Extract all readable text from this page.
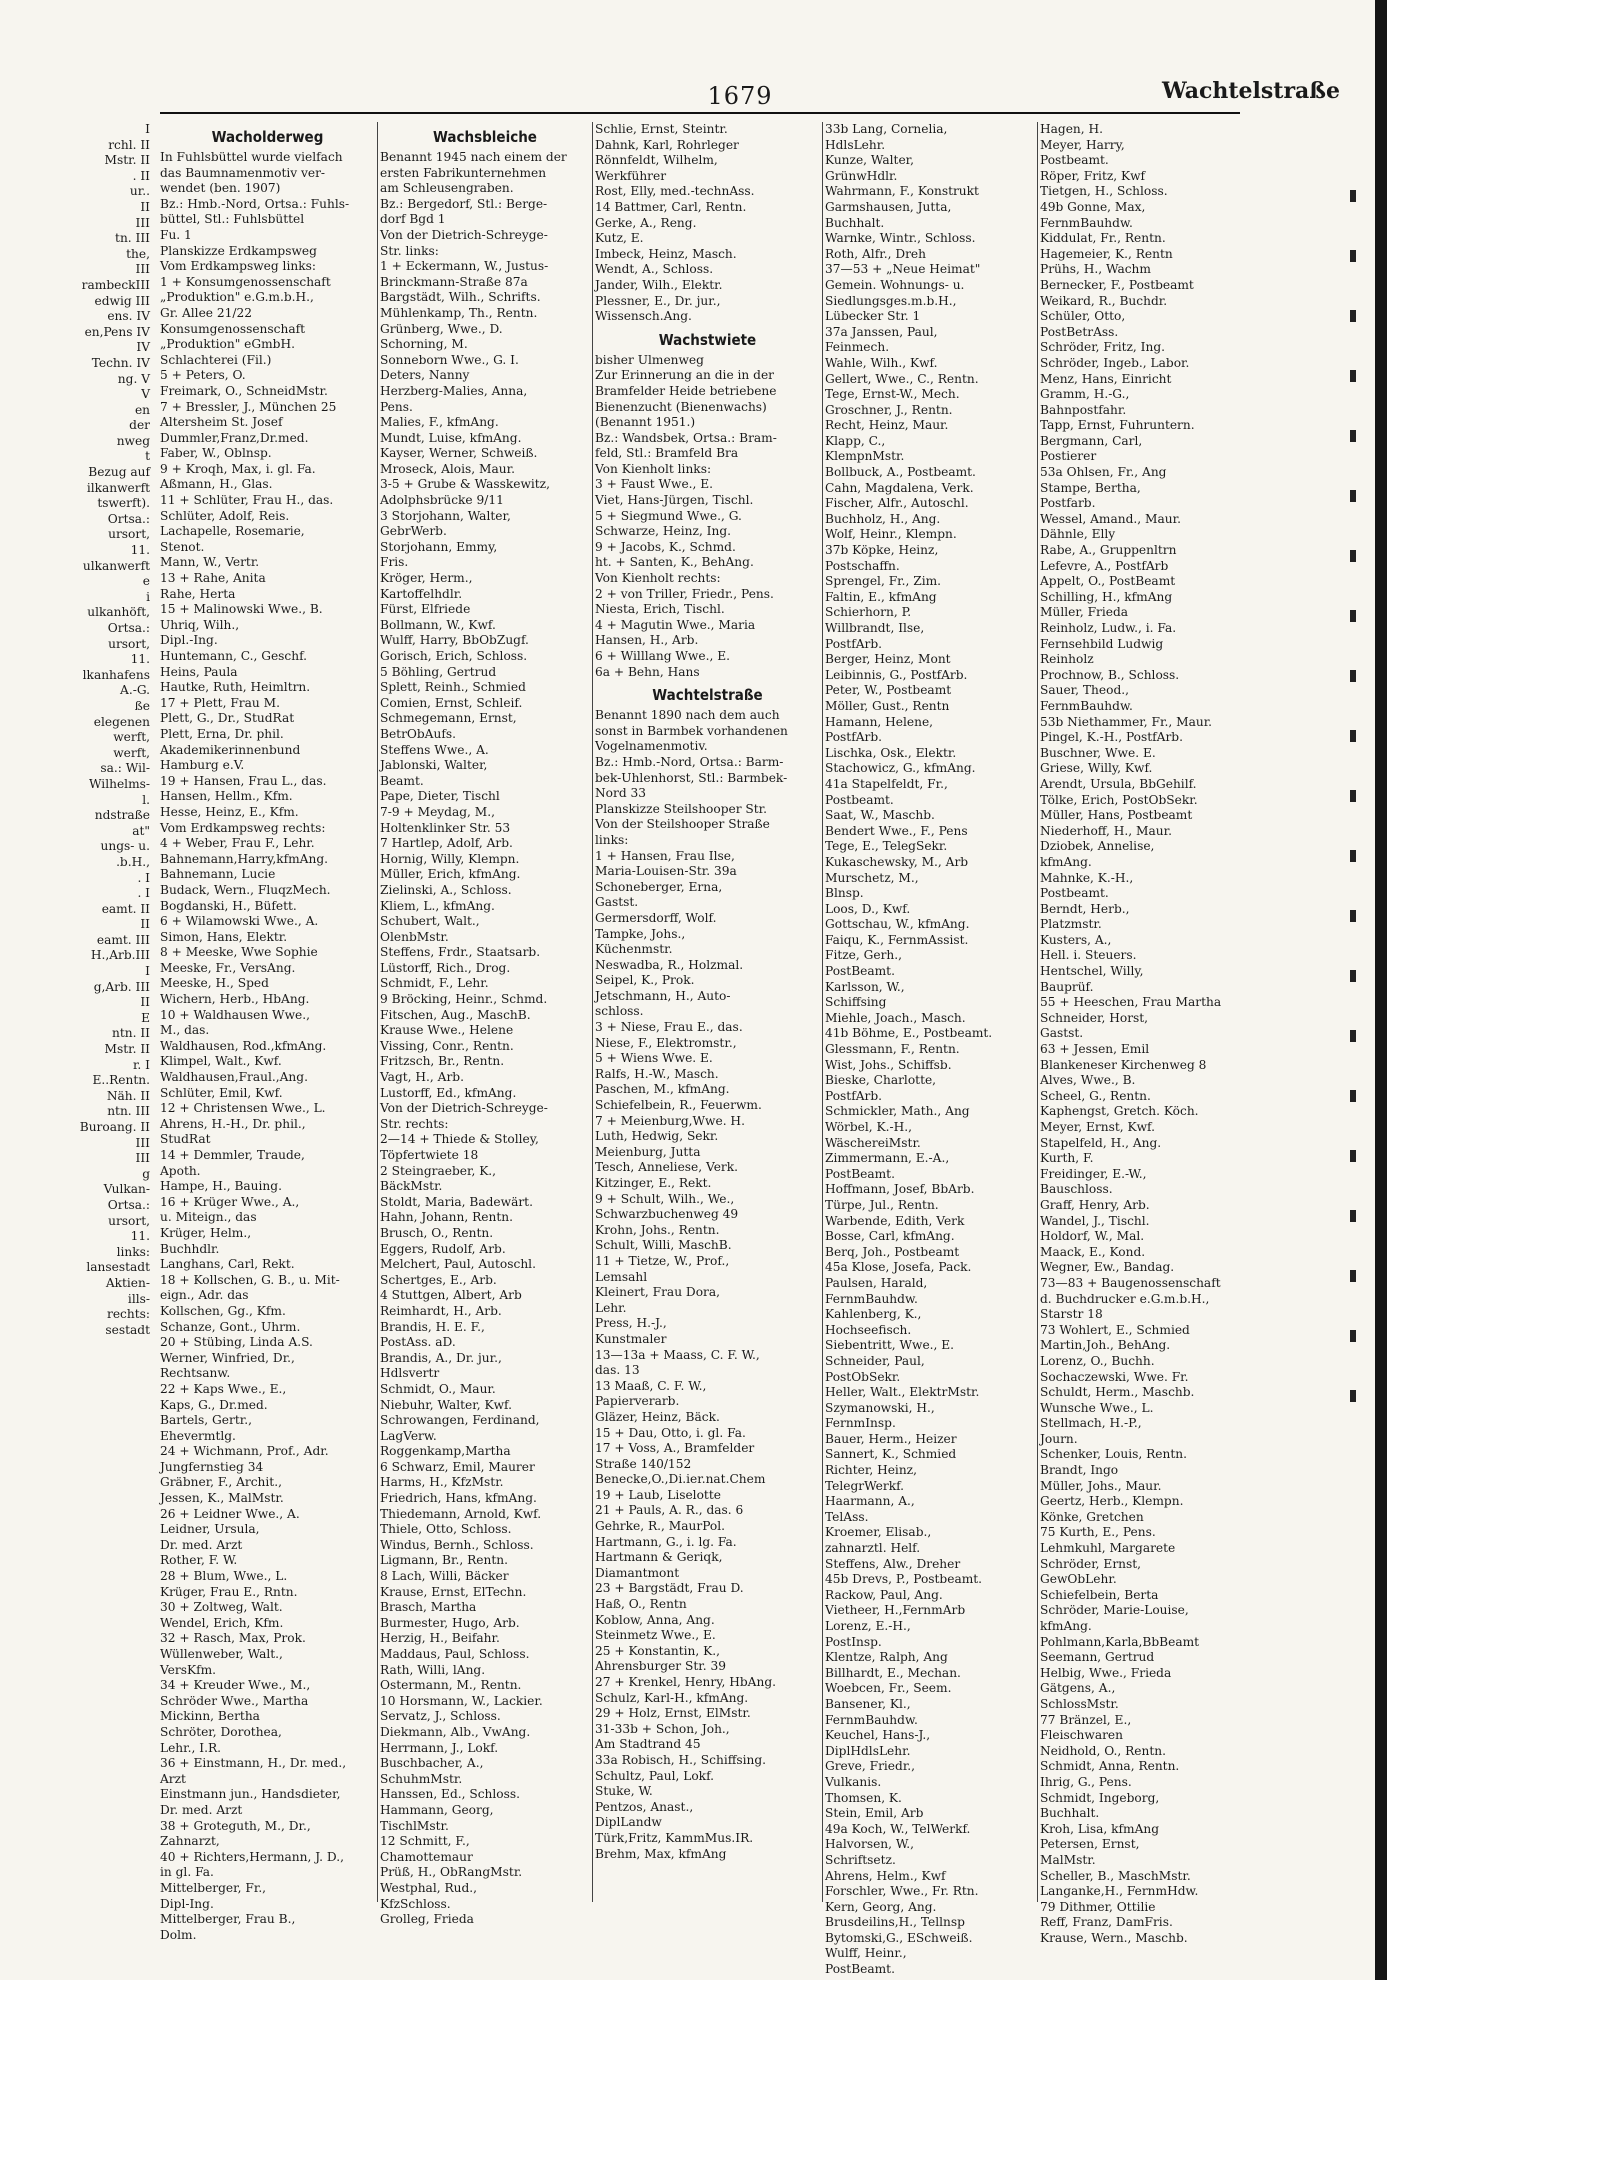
1679	Wachtelstraße
I
rchl. II
Mstr. II
. II
ur..
II
III
tn. III
the,
III
rambeckIII
edwig III
ens. IV
en,Pens IV
IV
Techn. IV
ng. V
V
en
der
nweg
t
Bezug auf
ilkanwerft
tswerft).
Ortsa.:
ursort,
11.
ulkanwerft
e
i
ulkanhöft,
Ortsa.:
ursort,
11.
lkanhafens
A.-G.
ße
elegenen
werft,
werft,
sa.: Wil-
Wilhelms-
l.
ndstraße
at"
ungs- u.
.b.H.,
. I
. I
eamt. II
II
eamt. III
H.,Arb.III
I
g,Arb. III
II
E
ntn. II
Mstr. II
r. I
E..Rentn.
Näh. II
ntn. III
Buroang. II
III
III
g
Vulkan-
Ortsa.:
ursort,
11.
links:
lansestadt
Aktien-
ills-
rechts:
sestadt
Wacholderweg
In Fuhlsbüttel wurde vielfach
das Baumnamenmotiv ver-
wendet (ben. 1907)
Bz.: Hmb.-Nord, Ortsa.: Fuhls-
büttel, Stl.: Fuhlsbüttel
Fu. 1
Planskizze Erdkampsweg
Vom Erdkampsweg links:
1 + Konsumgenossenschaft
„Produktion" e.G.m.b.H.,
Gr. Allee 21/22
Konsumgenossenschaft
„Produktion" eGmbH.
Schlachterei (Fil.)
5 + Peters, O.
Freimark, O., SchneidMstr.
7 + Bressler, J., München 25
Altersheim St. Josef
Dummler,Franz,Dr.med.
Faber, W., Oblnsp.
9 + Kroqh, Max, i. gl. Fa.
Aßmann, H., Glas.
11 + Schlüter, Frau H., das.
Schlüter, Adolf, Reis.
Lachapelle, Rosemarie,
Stenot.
Mann, W., Vertr.
13 + Rahe, Anita
Rahe, Herta
15 + Malinowski Wwe., B.
Uhriq, Wilh.,
Dipl.-Ing.
Huntemann, C., Geschf.
Heins, Paula
Hautke, Ruth, Heimltrn.
17 + Plett, Frau M.
Plett, G., Dr., StudRat
Plett, Erna, Dr. phil.
Akademikerinnenbund
Hamburg e.V.
19 + Hansen, Frau L., das.
Hansen, Hellm., Kfm.
Hesse, Heinz, E., Kfm.
Vom Erdkampsweg rechts:
4 + Weber, Frau F., Lehr.
Bahnemann,Harry,kfmAng.
Bahnemann, Lucie
Budack, Wern., FluqzMech.
Bogdanski, H., Büfett.
6 + Wilamowski Wwe., A.
Simon, Hans, Elektr.
8 + Meeske, Wwe Sophie
Meeske, Fr., VersAng.
Meeske, H., Sped
Wichern, Herb., HbAng.
10 + Waldhausen Wwe.,
M., das.
Waldhausen, Rod.,kfmAng.
Klimpel, Walt., Kwf.
Waldhausen,Fraul.,Ang.
Schlüter, Emil, Kwf.
12 + Christensen Wwe., L.
Ahrens, H.-H., Dr. phil.,
StudRat
14 + Demmler, Traude,
Apoth.
Hampe, H., Bauing.
16 + Krüger Wwe., A.,
u. Miteign., das
Krüger, Helm.,
Buchhdlr.
Langhans, Carl, Rekt.
18 + Kollschen, G. B., u. Mit-
eign., Adr. das
Kollschen, Gg., Kfm.
Schanze, Gont., Uhrm.
20 + Stübing, Linda A.S.
Werner, Winfried, Dr.,
Rechtsanw.
22 + Kaps Wwe., E.,
Kaps, G., Dr.med.
Bartels, Gertr.,
Ehevermtlg.
24 + Wichmann, Prof., Adr.
Jungfernstieg 34
Gräbner, F., Archit.,
Jessen, K., MalMstr.
26 + Leidner Wwe., A.
Leidner, Ursula,
Dr. med. Arzt
Rother, F. W.
28 + Blum, Wwe., L.
Krüger, Frau E., Rntn.
30 + Zoltweg, Walt.
Wendel, Erich, Kfm.
32 + Rasch, Max, Prok.
Wüllenweber, Walt.,
VersKfm.
34 + Kreuder Wwe., M.,
Schröder Wwe., Martha
Mickinn, Bertha
Schröter, Dorothea,
Lehr., I.R.
36 + Einstmann, H., Dr. med.,
Arzt
Einstmann jun., Handsdieter,
Dr. med. Arzt
38 + Groteguth, M., Dr.,
Zahnarzt,
40 + Richters,Hermann, J. D.,
in gl. Fa.
Mittelberger, Fr.,
Dipl-Ing.
Mittelberger, Frau B.,
Dolm.
Wachsbleiche
Benannt 1945 nach einem der
ersten Fabrikunternehmen
am Schleusengraben.
Bz.: Bergedorf, Stl.: Berge-
dorf Bgd 1
Von der Dietrich-Schreyge-
Str. links:
1 + Eckermann, W., Justus-
Brinckmann-Straße 87a
Bargstädt, Wilh., Schrifts.
Mühlenkamp, Th., Rentn.
Grünberg, Wwe., D.
Schorning, M.
Sonneborn Wwe., G. I.
Deters, Nanny
Herzberg-Malies, Anna,
Pens.
Malies, F., kfmAng.
Mundt, Luise, kfmAng.
Kayser, Werner, Schweiß.
Mroseck, Alois, Maur.
3-5 + Grube & Wasskewitz,
Adolphsbrücke 9/11
3 Storjohann, Walter,
GebrWerb.
Storjohann, Emmy,
Fris.
Kröger, Herm.,
Kartoffelhdlr.
Fürst, Elfriede
Bollmann, W., Kwf.
Wulff, Harry, BbObZugf.
Gorisch, Erich, Schloss.
5 Böhling, Gertrud
Splett, Reinh., Schmied
Comien, Ernst, Schleif.
Schmegemann, Ernst,
BetrObAufs.
Steffens Wwe., A.
Jablonski, Walter,
Beamt.
Pape, Dieter, Tischl
7-9 + Meydag, M.,
Holtenklinker Str. 53
7 Hartlep, Adolf, Arb.
Hornig, Willy, Klempn.
Müller, Erich, kfmAng.
Zielinski, A., Schloss.
Kliem, L., kfmAng.
Schubert, Walt.,
OlenbMstr.
Steffens, Frdr., Staatsarb.
Lüstorff, Rich., Drog.
Schmidt, F., Lehr.
9 Bröcking, Heinr., Schmd.
Fitschen, Aug., MaschB.
Krause Wwe., Helene
Vissing, Conr., Rentn.
Fritzsch, Br., Rentn.
Vagt, H., Arb.
Lustorff, Ed., kfmAng.
Von der Dietrich-Schreyge-
Str. rechts:
2—14 + Thiede & Stolley,
Töpfertwiete 18
2 Steingraeber, K.,
BäckMstr.
Stoldt, Maria, Badewärt.
Hahn, Johann, Rentn.
Brusch, O., Rentn.
Eggers, Rudolf, Arb.
Melchert, Paul, Autoschl.
Schertges, E., Arb.
4 Stuttgen, Albert, Arb
Reimhardt, H., Arb.
Brandis, H. E. F.,
PostAss. aD.
Brandis, A., Dr. jur.,
Hdlsvertr
Schmidt, O., Maur.
Niebuhr, Walter, Kwf.
Schrowangen, Ferdinand,
LagVerw.
Roggenkamp,Martha
6 Schwarz, Emil, Maurer
Harms, H., KfzMstr.
Friedrich, Hans, kfmAng.
Thiedemann, Arnold, Kwf.
Thiele, Otto, Schloss.
Windus, Bernh., Schloss.
Ligmann, Br., Rentn.
8 Lach, Willi, Bäcker
Krause, Ernst, ElTechn.
Brasch, Martha
Burmester, Hugo, Arb.
Herzig, H., Beifahr.
Maddaus, Paul, Schloss.
Rath, Willi, lAng.
Ostermann, M., Rentn.
10 Horsmann, W., Lackier.
Servatz, J., Schloss.
Diekmann, Alb., VwAng.
Herrmann, J., Lokf.
Buschbacher, A.,
SchuhmMstr.
Hanssen, Ed., Schloss.
Hammann, Georg,
TischlMstr.
12 Schmitt, F.,
Chamottemaur
Prüß, H., ObRangMstr.
Westphal, Rud.,
KfzSchloss.
Grolleg, Frieda
Schlie, Ernst, Steintr.
Dahnk, Karl, Rohrleger
Rönnfeldt, Wilhelm,
Werkführer
Rost, Elly, med.-technAss.
14 Battmer, Carl, Rentn.
Gerke, A., Reng.
Kutz, E.
Imbeck, Heinz, Masch.
Wendt, A., Schloss.
Jander, Wilh., Elektr.
Plessner, E., Dr. jur.,
Wissensch.Ang.
Wachstwiete
bisher Ulmenweg
Zur Erinnerung an die in der
Bramfelder Heide betriebene
Bienenzucht (Bienenwachs)
(Benannt 1951.)
Bz.: Wandsbek, Ortsa.: Bram-
feld, Stl.: Bramfeld Bra
Von Kienholt links:
3 + Faust Wwe., E.
Viet, Hans-Jürgen, Tischl.
5 + Siegmund Wwe., G.
Schwarze, Heinz, Ing.
9 + Jacobs, K., Schmd.
ht. + Santen, K., BehAng.
Von Kienholt rechts:
2 + von Triller, Friedr., Pens.
Niesta, Erich, Tischl.
4 + Magutin Wwe., Maria
Hansen, H., Arb.
6 + Willlang Wwe., E.
6a + Behn, Hans
Wachtelstraße
Benannt 1890 nach dem auch
sonst in Barmbek vorhandenen
Vogelnamenmotiv.
Bz.: Hmb.-Nord, Ortsa.: Barm-
bek-Uhlenhorst, Stl.: Barmbek-
Nord 33
Planskizze Steilshooper Str.
Von der Steilshooper Straße
links:
1 + Hansen, Frau Ilse,
Maria-Louisen-Str. 39a
Schoneberger, Erna,
Gastst.
Germersdorff, Wolf.
Tampke, Johs.,
Küchenmstr.
Neswadba, R., Holzmal.
Seipel, K., Prok.
Jetschmann, H., Auto-
schloss.
3 + Niese, Frau E., das.
Niese, F., Elektromstr.,
5 + Wiens Wwe. E.
Ralfs, H.-W., Masch.
Paschen, M., kfmAng.
Schiefelbein, R., Feuerwm.
7 + Meienburg,Wwe. H.
Luth, Hedwig, Sekr.
Meienburg, Jutta
Tesch, Anneliese, Verk.
Kitzinger, E., Rekt.
9 + Schult, Wilh., We.,
Schwarzbuchenweg 49
Krohn, Johs., Rentn.
Schult, Willi, MaschB.
11 + Tietze, W., Prof.,
Lemsahl
Kleinert, Frau Dora,
Lehr.
Press, H.-J.,
Kunstmaler
13—13a + Maass, C. F. W.,
das. 13
13 Maaß, C. F. W.,
Papierverarb.
Gläzer, Heinz, Bäck.
15 + Dau, Otto, i. gl. Fa.
17 + Voss, A., Bramfelder
Straße 140/152
Benecke,O.,Di.ier.nat.Chem
19 + Laub, Liselotte
21 + Pauls, A. R., das. 6
Gehrke, R., MaurPol.
Hartmann, G., i. lg. Fa.
Hartmann & Geriqk,
Diamantmont
23 + Bargstädt, Frau D.
Haß, O., Rentn
Koblow, Anna, Ang.
Steinmetz Wwe., E.
25 + Konstantin, K.,
Ahrensburger Str. 39
27 + Krenkel, Henry, HbAng.
Schulz, Karl-H., kfmAng.
29 + Holz, Ernst, ElMstr.
31-33b + Schon, Joh.,
Am Stadtrand 45
33a Robisch, H., Schiffsing.
Schultz, Paul, Lokf.
Stuke, W.
Pentzos, Anast.,
DiplLandw
Türk,Fritz, KammMus.IR.
Brehm, Max, kfmAng
33b Lang, Cornelia,
HdlsLehr.
Kunze, Walter,
GrünwHdlr.
Wahrmann, F., Konstrukt
Garmshausen, Jutta,
Buchhalt.
Warnke, Wintr., Schloss.
Roth, Alfr., Dreh
37—53 + „Neue Heimat"
Gemein. Wohnungs- u.
Siedlungsges.m.b.H.,
Lübecker Str. 1
37a Janssen, Paul,
Feinmech.
Wahle, Wilh., Kwf.
Gellert, Wwe., C., Rentn.
Tege, Ernst-W., Mech.
Groschner, J., Rentn.
Recht, Heinz, Maur.
Klapp, C.,
KlempnMstr.
Bollbuck, A., Postbeamt.
Cahn, Magdalena, Verk.
Fischer, Alfr., Autoschl.
Buchholz, H., Ang.
Wolf, Heinr., Klempn.
37b Köpke, Heinz,
Postschaffn.
Sprengel, Fr., Zim.
Faltin, E., kfmAng
Schierhorn, P.
Willbrandt, Ilse,
PostfArb.
Berger, Heinz, Mont
Leibinnis, G., PostfArb.
Peter, W., Postbeamt
Möller, Gust., Rentn
Hamann, Helene,
PostfArb.
Lischka, Osk., Elektr.
Stachowicz, G., kfmAng.
41a Stapelfeldt, Fr.,
Postbeamt.
Saat, W., Maschb.
Bendert Wwe., F., Pens
Tege, E., TelegSekr.
Kukaschewsky, M., Arb
Murschetz, M.,
Blnsp.
Loos, D., Kwf.
Gottschau, W., kfmAng.
Faiqu, K., FernmAssist.
Fitze, Gerh.,
PostBeamt.
Karlsson, W.,
Schiffsing
Miehle, Joach., Masch.
41b Böhme, E., Postbeamt.
Glessmann, F., Rentn.
Wist, Johs., Schiffsb.
Bieske, Charlotte,
PostfArb.
Schmickler, Math., Ang
Wörbel, K.-H.,
WäschereiMstr.
Zimmermann, E.-A.,
PostBeamt.
Hoffmann, Josef, BbArb.
Türpe, Jul., Rentn.
Warbende, Edith, Verk
Bosse, Carl, kfmAng.
Berq, Joh., Postbeamt
45a Klose, Josefa, Pack.
Paulsen, Harald,
FernmBauhdw.
Kahlenberg, K.,
Hochseefisch.
Siebentritt, Wwe., E.
Schneider, Paul,
PostObSekr.
Heller, Walt., ElektrMstr.
Szymanowski, H.,
FernmInsp.
Bauer, Herm., Heizer
Sannert, K., Schmied
Richter, Heinz,
TelegrWerkf.
Haarmann, A.,
TelAss.
Kroemer, Elisab.,
zahnarztl. Helf.
Steffens, Alw., Dreher
45b Drevs, P., Postbeamt.
Rackow, Paul, Ang.
Vietheer, H.,FernmArb
Lorenz, E.-H.,
PostInsp.
Klentze, Ralph, Ang
Billhardt, E., Mechan.
Woebcen, Fr., Seem.
Bansener, Kl.,
FernmBauhdw.
Keuchel, Hans-J.,
DiplHdlsLehr.
Greve, Friedr.,
Vulkanis.
Thomsen, K.
Stein, Emil, Arb
49a Koch, W., TelWerkf.
Halvorsen, W.,
Schriftsetz.
Ahrens, Helm., Kwf
Forschler, Wwe., Fr. Rtn.
Kern, Georg, Ang.
Brusdeilins,H., Tellnsp
Bytomski,G., ESchweiß.
Wulff, Heinr.,
PostBeamt.
Hagen, H.
Meyer, Harry,
Postbeamt.
Röper, Fritz, Kwf
Tietgen, H., Schloss.
49b Gonne, Max,
FernmBauhdw.
Kiddulat, Fr., Rentn.
Hagemeier, K., Rentn
Prühs, H., Wachm
Bernecker, F., Postbeamt
Weikard, R., Buchdr.
Schüler, Otto,
PostBetrAss.
Schröder, Fritz, Ing.
Schröder, Ingeb., Labor.
Menz, Hans, Einricht
Gramm, H.-G.,
Bahnpostfahr.
Tapp, Ernst, Fuhruntern.
Bergmann, Carl,
Postierer
53a Ohlsen, Fr., Ang
Stampe, Bertha,
Postfarb.
Wessel, Amand., Maur.
Dähnle, Elly
Rabe, A., Gruppenltrn
Lefevre, A., PostfArb
Appelt, O., PostBeamt
Schilling, H., kfmAng
Müller, Frieda
Reinholz, Ludw., i. Fa.
Fernsehbild Ludwig
Reinholz
Prochnow, B., Schloss.
Sauer, Theod.,
FernmBauhdw.
53b Niethammer, Fr., Maur.
Pingel, K.-H., PostfArb.
Buschner, Wwe. E.
Griese, Willy, Kwf.
Arendt, Ursula, BbGehilf.
Tölke, Erich, PostObSekr.
Müller, Hans, Postbeamt
Niederhoff, H., Maur.
Dziobek, Annelise,
kfmAng.
Mahnke, K.-H.,
Postbeamt.
Berndt, Herb.,
Platzmstr.
Kusters, A.,
Hell. i. Steuers.
Hentschel, Willy,
Bauprüf.
55 + Heeschen, Frau Martha
Schneider, Horst,
Gastst.
63 + Jessen, Emil
Blankeneser Kirchenweg 8
Alves, Wwe., B.
Scheel, G., Rentn.
Kaphengst, Gretch. Köch.
Meyer, Ernst, Kwf.
Stapelfeld, H., Ang.
Kurth, F.
Freidinger, E.-W.,
Bauschloss.
Graff, Henry, Arb.
Wandel, J., Tischl.
Holdorf, W., Mal.
Maack, E., Kond.
Wegner, Ew., Bandag.
73—83 + Baugenossenschaft
d. Buchdrucker e.G.m.b.H.,
Starstr 18
73 Wohlert, E., Schmied
Martin,Joh., BehAng.
Lorenz, O., Buchh.
Sochaczewski, Wwe. Fr.
Schuldt, Herm., Maschb.
Wunsche Wwe., L.
Stellmach, H.-P.,
Journ.
Schenker, Louis, Rentn.
Brandt, Ingo
Müller, Johs., Maur.
Geertz, Herb., Klempn.
Könke, Gretchen
75 Kurth, E., Pens.
Lehmkuhl, Margarete
Schröder, Ernst,
GewObLehr.
Schiefelbein, Berta
Schröder, Marie-Louise,
kfmAng.
Pohlmann,Karla,BbBeamt
Seemann, Gertrud
Helbig, Wwe., Frieda
Gätgens, A.,
SchlossMstr.
77 Bränzel, E.,
Fleischwaren
Neidhold, O., Rentn.
Schmidt, Anna, Rentn.
Ihrig, G., Pens.
Schmidt, Ingeborg,
Buchhalt.
Kroh, Lisa, kfmAng
Petersen, Ernst,
MalMstr.
Scheller, B., MaschMstr.
Langanke,H., FernmHdw.
79 Dithmer, Ottilie
Reff, Franz, DamFris.
Krause, Wern., Maschb.
